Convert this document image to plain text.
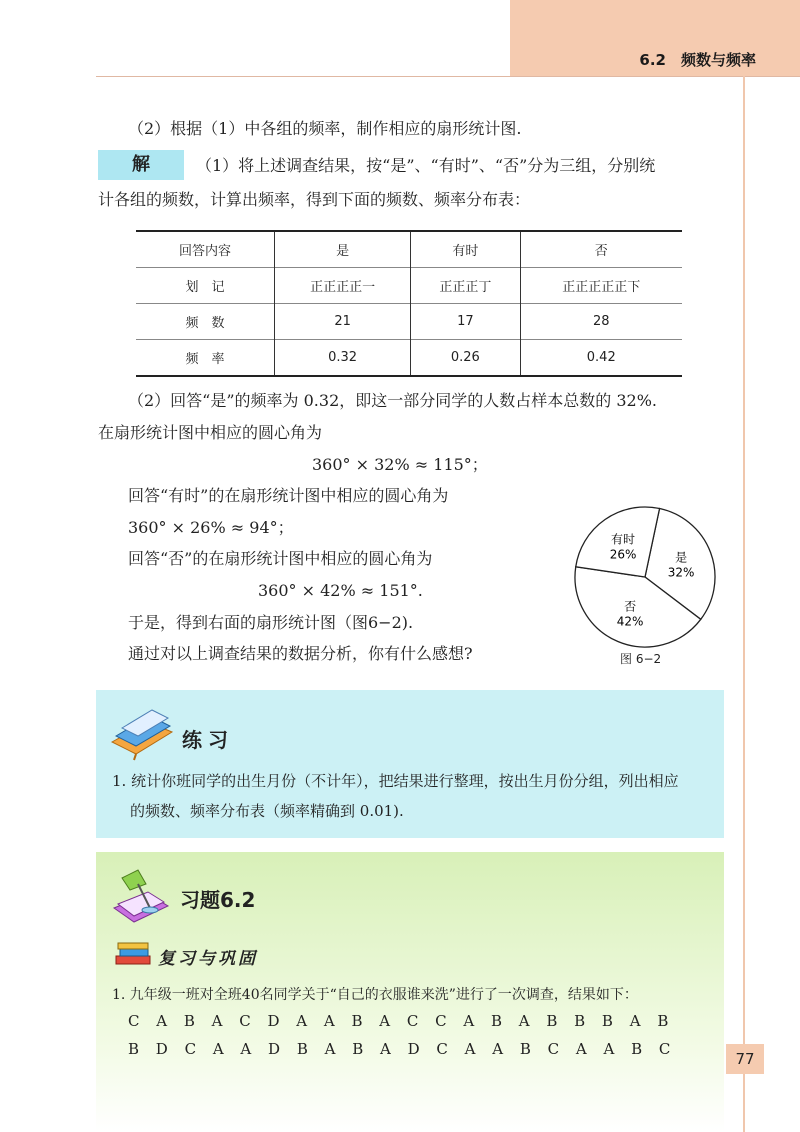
6.2　频数与频率
（2）根据（1）中各组的频率，制作相应的扇形统计图.
解	（1）将上述调查结果，按“是”、“有时”、“否”分为三组，分别统
计各组的频数，计算出频率，得到下面的频数、频率分布表：
回答内容	是	有时	否
划　记	正正正正一	正正正丁	正正正正正下
频　数	21	17	28
频　率	0.32	0.26	0.42
（2）回答“是”的频率为 0.32，即这一部分同学的人数占样本总数的 32%.
在扇形统计图中相应的圆心角为
360° × 32% ≈ 115°；
回答“有时”的在扇形统计图中相应的圆心角为
360° × 26% ≈ 94°；
回答“否”的在扇形统计图中相应的圆心角为
360° × 42% ≈ 151°.
于是，得到右面的扇形统计图（图6−2).
通过对以上调查结果的数据分析，你有什么感想?
是
32%
否
42%
有时
26%
图 6−2
练习
1. 统计你班同学的出生月份（不计年），把结果进行整理，按出生月份分组，列出相应
的频数、频率分布表（频率精确到 0.01).
习题6.2
复习与巩固
1. 九年级一班对全班40名同学关于“自己的衣服谁来洗”进行了一次调查，结果如下：
C A B A C D A A B A C C A B A B B B A B
B D C A A D B A B A D C A A B C A A B C
77
